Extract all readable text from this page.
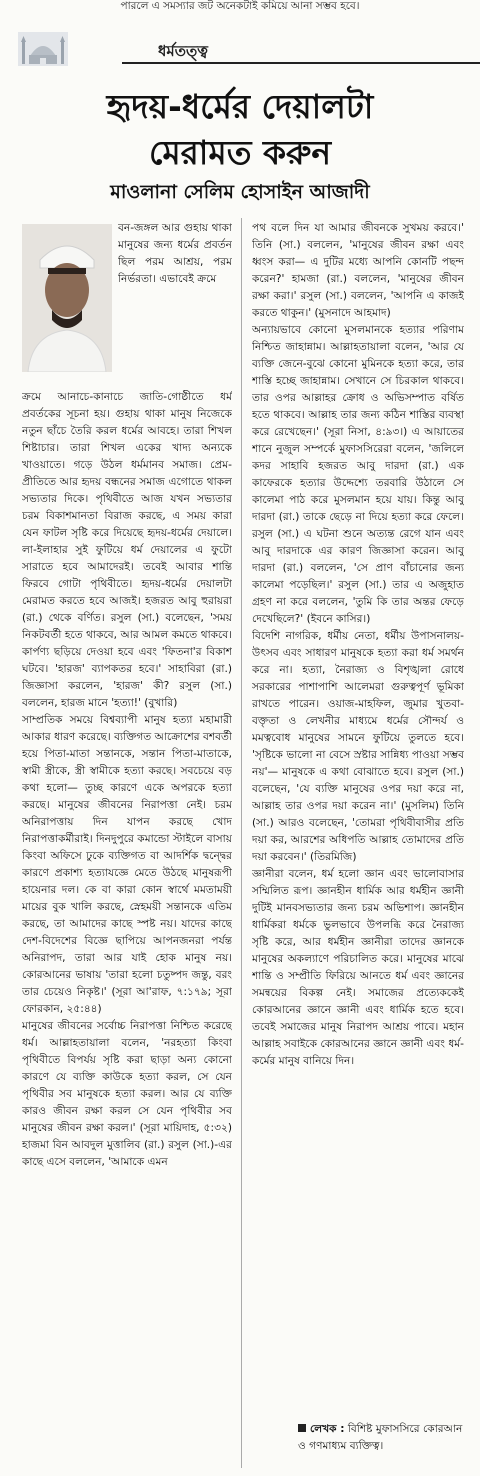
পারলে এ সমস্যার জট অনেকটাই কমিয়ে আনা সম্ভব হবে।
ধর্মতত্ত্ব
হৃদয়-ধর্মের দেয়ালটা
মেরামত করুন
মাওলানা সেলিম হোসাইন আজাদী

বন-জঙ্গল আর গুহায় থাকা মানুষের জন্য ধর্মের প্রবর্তন ছিল পরম আশ্রয়, পরম নির্ভরতা। এভাবেই ক্রমে

ক্রমে আনাচে-কানাচে জাতি-গোষ্ঠীতে ধর্ম প্রবর্তকের সূচনা হয়। গুহায় থাকা মানুষ নিজেকে নতুন ছাঁচে তৈরি করল ধর্মের আবহে। তারা শিখল শিষ্টাচার। তারা শিখল একের খাদ্য অন্যকে খাওয়াতে। গড়ে উঠল ধর্মমানব সমাজ। প্রেম-প্রীতিতে আর হৃদয় বন্ধনের সমাজ এগোতে থাকল সভ্যতার দিকে। পৃথিবীতে আজ যখন সভ্যতার চরম বিকাশমানতা বিরাজ করছে, এ সময় কারা যেন ফাটল সৃষ্টি করে দিয়েছে হৃদয়-ধর্মের দেয়ালে। লা-ইলাহার সুই ফুটিয়ে ধর্ম দেয়ালের এ ফুটো সারাতে হবে আমাদেরই। তবেই আবার শান্তি ফিরবে গোটা পৃথিবীতে। হৃদয়-ধর্মের দেয়ালটা মেরামত করতে হবে আজই। হজরত আবু হুরায়রা (রা.) থেকে বর্ণিত। রসুল (সা.) বলেছেন, 'সময় নিকটবর্তী হতে থাকবে, আর আমল কমতে থাকবে। কার্পণ্য ছড়িয়ে দেওয়া হবে এবং 'ফিতনা'র বিকাশ ঘটবে। 'হারজ' ব্যাপকতর হবে।' সাহাবিরা (রা.) জিজ্ঞাসা করলেন, 'হারজ' কী? রসুল (সা.) বললেন, হারজ মানে 'হত্যা!' (বুখারি)

সাম্প্রতিক সময়ে বিশ্বব্যাপী মানুষ হত্যা মহামারী আকার ধারণ করেছে। ব্যক্তিগত আক্রোশের বশবর্তী হয়ে পিতা-মাতা সন্তানকে, সন্তান পিতা-মাতাকে, স্বামী স্ত্রীকে, স্ত্রী স্বামীকে হত্যা করছে। সবচেয়ে বড় কথা হলো— তুচ্ছ কারণে একে অপরকে হত্যা করছে। মানুষের জীবনের নিরাপত্তা নেই। চরম অনিরাপত্তায় দিন যাপন করছে খোদ নিরাপত্তাকর্মীরাই। দিনদুপুরে কমান্ডো স্টাইলে বাসায় কিংবা অফিসে ঢুকে ব্যক্তিগত বা আদর্শিক দ্বন্দ্বের কারণে প্রকাশ্য হত্যাযজ্ঞে মেতে উঠছে মানুষরূপী হায়েনার দল। কে বা কারা কোন স্বার্থে মমতাময়ী মায়ের বুক খালি করছে, স্নেহময়ী সন্তানকে এতিম করছে, তা আমাদের কাছে স্পষ্ট নয়। যাদের কাছে দেশ-বিদেশের বিজ্ঞে ছাপিয়ে আপনজনরা পর্যন্ত অনিরাপদ, তারা আর যাই হোক মানুষ নয়। কোরআনের ভাষায় 'তারা হলো চতুষ্পদ জন্তু, বরং তার চেয়েও নিকৃষ্ট।' (সূরা আ'রাফ, ৭:১৭৯; সূরা ফোরকান, ২৫:৪৪)

মানুষের জীবনের সর্বোচ্চ নিরাপত্তা নিশ্চিত করেছে ধর্ম। আল্লাহতায়ালা বলেন, 'নরহত্যা কিংবা পৃথিবীতে বিপর্যয় সৃষ্টি করা ছাড়া অন্য কোনো কারণে যে ব্যক্তি কাউকে হত্যা করল, সে যেন পৃথিবীর সব মানুষকে হত্যা করল। আর যে ব্যক্তি কারও জীবন রক্ষা করল সে যেন পৃথিবীর সব মানুষের জীবন রক্ষা করল।' (সূরা মায়িদাহ, ৫:৩২) হাজমা বিন আবদুল মুত্তালিব (রা.) রসুল (সা.)-এর কাছে এসে বললেন, 'আমাকে এমন

পথ বলে দিন যা আমার জীবনকে সুখময় করবে।' তিনি (সা.) বললেন, 'মানুষের জীবন রক্ষা এবং ধ্বংস করা— এ দুটির মধ্যে আপনি কোনটি পছন্দ করেন?' হামজা (রা.) বললেন, 'মানুষের জীবন রক্ষা করা।' রসুল (সা.) বললেন, 'আপনি এ কাজই করতে থাকুন।' (মুসনাদে আহমাদ)

অন্যায়ভাবে কোনো মুসলমানকে হত্যার পরিণাম নিশ্চিত জাহান্নাম। আল্লাহতায়ালা বলেন, 'আর যে ব্যক্তি জেনে-বুঝে কোনো মুমিনকে হত্যা করে, তার শাস্তি হচ্ছে জাহান্নাম। সেখানে সে চিরকাল থাকবে। তার ওপর আল্লাহর ক্রোধ ও অভিসম্পাত বর্ষিত হতে থাকবে। আল্লাহ তার জন্য কঠিন শাস্তির ব্যবস্থা করে রেখেছেন।' (সূরা নিসা, ৪:৯৩।) এ আয়াতের শানে নুজুল সম্পর্কে মুফাসসিরেরা বলেন, 'জলিলে কদর সাহাবি হজরত আবু দারদা (রা.) এক কাফেরকে হত্যার উদ্দেশ্যে তরবারি উঠালে সে কালেমা পাঠ করে মুসলমান হয়ে যায়। কিন্তু আবু দারদা (রা.) তাকে ছেড়ে না দিয়ে হত্যা করে ফেলে। রসুল (সা.) এ ঘটনা শুনে অত্যন্ত রেগে যান এবং আবু দারদাকে এর কারণ জিজ্ঞাসা করেন। আবু দারদা (রা.) বললেন, 'সে প্রাণ বাঁচানোর জন্য কালেমা পড়েছিল।' রসুল (সা.) তার এ অজুহাত গ্রহণ না করে বললেন, 'তুমি কি তার অন্তর ফেড়ে দেখেছিলে?' (ইবনে কাসির।)

বিদেশি নাগরিক, ধর্মীয় নেতা, ধর্মীয় উপাসনালয়-উৎসব এবং সাধারণ মানুষকে হত্যা করা ধর্ম সমর্থন করে না। হত্যা, নৈরাজ্য ও বিশৃঙ্খলা রোধে সরকারের পাশাপাশি আলেমরা গুরুত্বপূর্ণ ভূমিকা রাখতে পারেন। ওয়াজ-মাহফিল, জুমার খুতবা-বক্তৃতা ও লেখনীর মাধ্যমে ধর্মের সৌন্দর্য ও মমত্ববোধ মানুষের সামনে ফুটিয়ে তুলতে হবে। 'সৃষ্টিকে ভালো না বেসে স্রষ্টার সান্নিধ্য পাওয়া সম্ভব নয়'— মানুষকে এ কথা বোঝাতে হবে। রসুল (সা.) বলেছেন, 'যে ব্যক্তি মানুষের ওপর দয়া করে না, আল্লাহ তার ওপর দয়া করেন না।' (মুসলিম) তিনি (সা.) আরও বলেছেন, 'তোমরা পৃথিবীবাসীর প্রতি দয়া কর, আরশের অধিপতি আল্লাহ তোমাদের প্রতি দয়া করবেন।' (তিরমিজি)

জ্ঞানীরা বলেন, ধর্ম হলো জ্ঞান এবং ভালোবাসার সম্মিলিত রূপ। জ্ঞানহীন ধার্মিক আর ধর্মহীন জ্ঞানী দুটিই মানবসভ্যতার জন্য চরম অভিশাপ। জ্ঞানহীন ধার্মিকরা ধর্মকে ভুলভাবে উপলব্ধি করে নৈরাজ্য সৃষ্টি করে, আর ধর্মহীন জ্ঞানীরা তাদের জ্ঞানকে মানুষের অকল্যাণে পরিচালিত করে। মানুষের মাঝে শান্তি ও সম্প্রীতি ফিরিয়ে আনতে ধর্ম এবং জ্ঞানের সমন্বয়ের বিকল্প নেই। সমাজের প্রত্যেককেই কোরআনের জ্ঞানে জ্ঞানী এবং ধার্মিক হতে হবে। তবেই সমাজের মানুষ নিরাপদ আশ্রয় পাবে। মহান আল্লাহ সবাইকে কোরআনের জ্ঞানে জ্ঞানী এবং ধর্ম-কর্মের মানুষ বানিয়ে দিন।

লেখক : বিশিষ্ট মুফাসসিরে কোরআন ও গণমাধ্যম ব্যক্তিত্ব।
